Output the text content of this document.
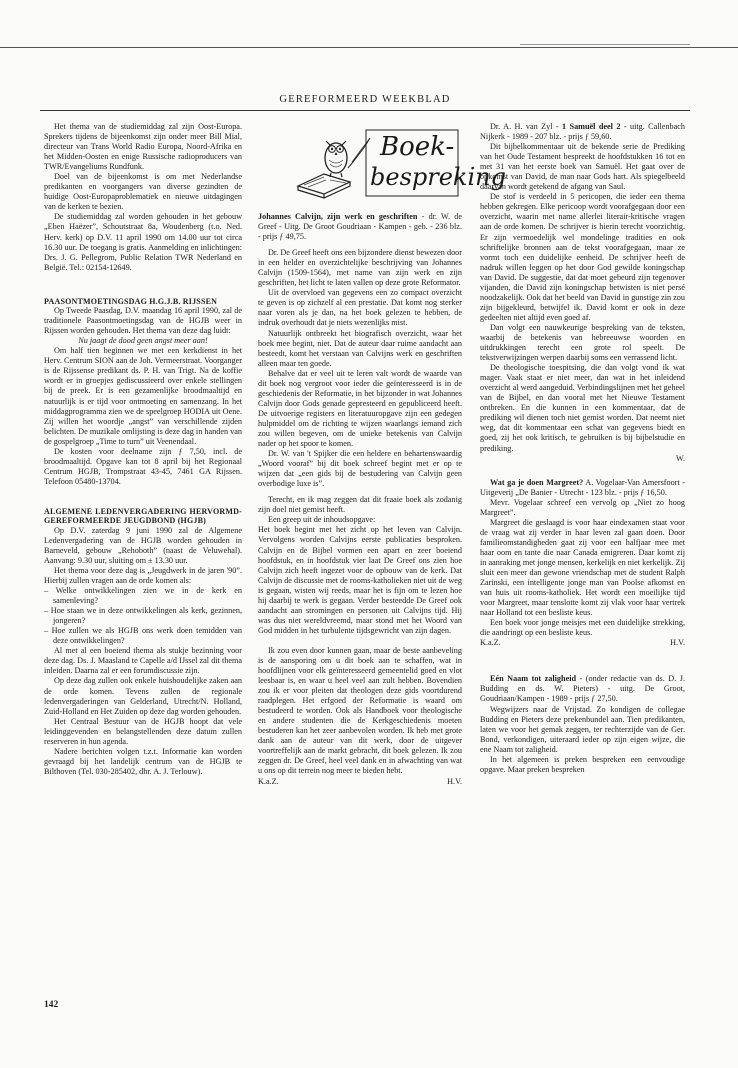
GEREFORMEERD WEEKBLAD

Het thema van de studiemiddag zal zijn Oost-Europa. Sprekers tijdens de bijeenkomst zijn onder meer Bill Mial, directeur van Trans World Radio Europa, Noord-Afrika en het Midden-Oosten en enige Russische radioproducers van TWR/Evangeliums Rundfunk.

Doel van de bijeenkomst is om met Nederlandse predikanten en voorgangers van diverse gezindten de huidige Oost-Europaproblematiek en nieuwe uitdagingen van de kerken te bezien.

De studiemiddag zal worden gehouden in het gebouw „Eben Haëzer”, Schoutstraat 8a, Woudenberg (t.o. Ned. Herv. kerk) op D.V. 11 april 1990 om 14.00 uur tot circa 16.30 uur. De toegang is gratis. Aanmelding en inlichtingen: Drs. J. G. Pellegrom, Public Relation TWR Nederland en België. Tel.: 02154-12649.

PAASONTMOETINGSDAG H.G.J.B. RIJSSEN

Op Tweede Paasdag, D.V. maandag 16 april 1990, zal de traditionele Paasontmoetingsdag van de HGJB weer in Rijssen worden gehouden. Het thema van deze dag luidt:

Nu jaagt de dood geen angst meer aan!

Om half tien beginnen we met een kerkdienst in het Herv. Centrum SION aan de Joh. Vermeerstraat. Voorganger is de Rijssense predikant ds. P. H. van Trigt. Na de koffie wordt er in groepjes gediscussieerd over enkele stellingen bij de preek. Er is een gezamenlijke broodmaaltijd en natuurlijk is er tijd voor ontmoeting en samenzang. In het middagprogramma zien we de speelgroep HODIA uit Oene. Zij willen het woordje „angst” van verschillende zijden belichten. De muzikale omlijsting is deze dag in handen van de gospelgroep „Time to turn” uit Veenendaal.

De kosten voor deelname zijn ƒ 7,50, incl. de broodmaaltijd. Opgave kan tot 8 april bij het Regionaal Centrum HGJB, Trompstraat 43-45, 7461 GA Rijssen. Telefoon 05480-13704.

ALGEMENE LEDENVERGADERING HERVORMD-GEREFORMEERDE JEUGDBOND (HGJB)

Op D.V. zaterdag 9 juni 1990 zal de Algemene Ledenvergadering van de HGJB worden gehouden in Barneveld, gebouw „Rehoboth” (naast de Veluwehal). Aanvang: 9.30 uur, sluiting om ± 13.30 uur.

Het thema voor deze dag is „Jeugdwerk in de jaren '90”. Hierbij zullen vragen aan de orde komen als:

– Welke ontwikkelingen zien we in de kerk en samenleving?

– Hoe staan we in deze ontwikkelingen als kerk, gezinnen, jongeren?

– Hoe zullen we als HGJB ons werk doen temidden van deze ontwikkelingen?

Al met al een boeiend thema als stukje bezinning voor deze dag. Ds. J. Maasland te Capelle a/d IJssel zal dit thema inleiden. Daarna zal er een forumdiscussie zijn.

Op deze dag zullen ook enkele huishoudelijke zaken aan de orde komen. Tevens zullen de regionale ledenvergaderingen van Gelderland, Utrecht/N. Holland, Zuid-Holland en Het Zuiden op deze dag worden gehouden.

Het Centraal Bestuur van de HGJB hoopt dat vele leidinggevenden en belangstellenden deze datum zullen reserveren in hun agenda.

Nadere berichten volgen t.z.t. Informatie kan worden gevraagd bij het landelijk centrum van de HGJB te Bilthoven (Tel. 030-285402, dhr. A. J. Terlouw).

Boek-
bespreking

Johannes Calvijn, zijn werk en geschriften - dr. W. de Greef - Uitg. De Groot Goudriaan - Kampen - geb. - 236 blz. - prijs ƒ 49,75.

Dr. De Greef heeft ons een bijzondere dienst bewezen door in een helder en overzichtelijke beschrijving van Johannes Calvijn (1509-1564), met name van zijn werk en zijn geschriften, het licht te laten vallen op deze grote Reformator.

Uit de overvloed van gegevens een zo compact overzicht te geven is op zichzelf al een prestatie. Dat komt nog sterker naar voren als je dan, na het boek gelezen te hebben, de indruk overhoudt dat je niets wezenlijks mist.

Natuurlijk ontbreekt het biografisch overzicht, waar het boek mee begint, niet. Dat de auteur daar ruime aandacht aan besteedt, komt het verstaan van Calvijns werk en geschriften alleen maar ten goede.

Behalve dat er veel uit te leren valt wordt de waarde van dit boek nog vergroot voor ieder die geïnteresseerd is in de geschiedenis der Reformatie, in het bijzonder in wat Johannes Calvijn door Gods genade gepresteerd en gepubliceerd heeft. De uitvoerige registers en literatuuropgave zijn een gedegen hulpmiddel om de richting te wijzen waarlangs iemand zich zou willen begeven, om de unieke betekenis van Calvijn nader op het spoor te komen.

Dr. W. van 't Spijker die een heldere en behartenswaardig „Woord vooraf” bij dit boek schreef begint met er op te wijzen dat „een gids bij de bestudering van Calvijn geen overbodige luxe is”.

Terecht, en ik mag zeggen dat dit fraaie boek als zodanig zijn doel niet gemist heeft.

Een greep uit de inhoudsopgave:

Het boek begint met het zicht op het leven van Calvijn. Vervolgens worden Calvijns eerste publicaties besproken. Calvijn en de Bijbel vormen een apart en zeer boeiend hoofdstuk, en in hoofdstuk vier laat De Greef ons zien hoe Calvijn zich heeft ingezet voor de opbouw van de kerk. Dat Calvijn de discussie met de rooms-katholieken niet uit de weg is gegaan, wisten wij reeds, maar het is fijn om te lezen hoe hij daarbij te werk is gegaan. Verder besteedde De Greef ook aandacht aan stromingen en personen uit Calvijns tijd. Hij was dus niet wereldvreemd, maar stond met het Woord van God midden in het turbulente tijdsgewricht van zijn dagen.

Ik zou even door kunnen gaan, maar de beste aanbeveling is de aansporing om u dit boek aan te schaffen, wat in hoofdlijnen voor elk geïnteresseerd gemeentelid goed en vlot leesbaar is, en waar u heel veel aan zult hebben. Bovendien zou ik er voor pleiten dat theologen deze gids voortdurend raadplegen. Het erfgoed der Reformatie is waard om bestudeerd te worden. Ook als Handboek voor theologische en andere studenten die de Kerkgeschiedenis moeten bestuderen kan het zeer aanbevolen worden. Ik heb met grote dank aan de auteur van dit werk, door de uitgever voortreffelijk aan de markt gebracht, dit boek gelezen. Ik zou zeggen dr. De Greef, heel veel dank en in afwachting van wat u ons op dit terrein nog meer te bieden hebt.

K.a.Z.	H.V.

Dr. A. H. van Zyl - 1 Samuël deel 2 - uitg. Callenbach Nijkerk - 1989 - 207 blz. - prijs ƒ 59,60.

Dit bijbelkommentaar uit de bekende serie de Prediking van het Oude Testament bespreekt de hoofdstukken 16 tot en met 31 van het eerste boek van Samuël. Het gaat over de opkomst van David, de man naar Gods hart. Als spiegelbeeld daarvan wordt getekend de afgang van Saul.

De stof is verdeeld in 5 pericopen, die ieder een thema hebben gekregen. Elke pericoop wordt voorafgegaan door een overzicht, waarin met name allerlei literair-kritische vragen aan de orde komen. De schrijver is hierin terecht voorzichtig. Er zijn vermoedelijk wel mondelinge tradities en ook schriftelijke bronnen aan de tekst voorafgegaan, maar ze vormt toch een duidelijke eenheid. De schrijver heeft de nadruk willen leggen op het door God gewilde koningschap van David. De suggestie, dat dat moet gebeurd zijn tegenover vijanden, die David zijn koningschap betwisten is niet persé noodzakelijk. Ook dat het beeld van David in gunstige zin zou zijn bijgekleurd, betwijfel ik. David komt er ook in deze gedeelten niet altijd even goed af.

Dan volgt een nauwkeurige bespreking van de teksten, waarbij de betekenis van hebreeuwse woorden en uitdrukkingen terecht een grote rol speelt. De tekstverwijzingen werpen daarbij soms een verrassend licht.

De theologische toespitsing, die dan volgt vond ik wat mager. Vaak staat er niet meer, dan wat in het inleidend overzicht al werd aangeduid. Verbindingslijnen met het geheel van de Bijbel, en dan vooral met het Nieuwe Testament ontbreken. En die kunnen in een kommentaar, dat de prediking wil dienen toch niet gemist worden. Dat neemt niet weg, dat dit kommentaar een schat van gegevens biedt en goed, zij het ook kritisch, te gebruiken is bij bijbelstudie en prediking.

W.

Wat ga je doen Margreet? A. Vogelaar-Van Amersfoort - Uitgeverij „De Banier - Utrecht - 123 blz. - prijs ƒ 16,50.

Mevr. Vogelaar schreef een vervolg op „Niet zo hoog Margreet”.

Margreet die geslaagd is voor haar eindexamen staat voor de vraag wat zij verder in haar leven zal gaan doen. Door familieomstandigheden gaat zij voor een halfjaar mee met haar oom en tante die naar Canada emigreren. Daar komt zij in aanraking met jonge mensen, kerkelijk en niet kerkelijk. Zij sluit een meer dan gewone vriendschap met de student Ralph Zarinski, een intelligente jonge man van Poolse afkomst en van huis uit rooms-katholiek. Het wordt een moeilijke tijd voor Margreet, maar tenslotte komt zij vlak voor haar vertrek naar Holland tot een besliste keus.

Een boek voor jonge meisjes met een duidelijke strekking, die aandringt op een besliste keus.

K.a.Z.	H.V.

Eén Naam tot zaligheid - (onder redactie van ds. D. J. Budding en ds. W. Pieters) - uitg. De Groot, Goudriaan/Kampen - 1989 - prijs ƒ 27,50.

Wegwijzers naar de Vrijstad. Zo kondigen de collegae Budding en Pieters deze prekenbundel aan. Tien predikanten, laten we voor het gemak zeggen, ter rechterzijde van de Ger. Bond, verkondigen, uiteraard ieder op zijn eigen wijze, die ene Naam tot zaligheid.

In het algemeen is preken bespreken een eenvoudige opgave. Maar preken bespreken

142
